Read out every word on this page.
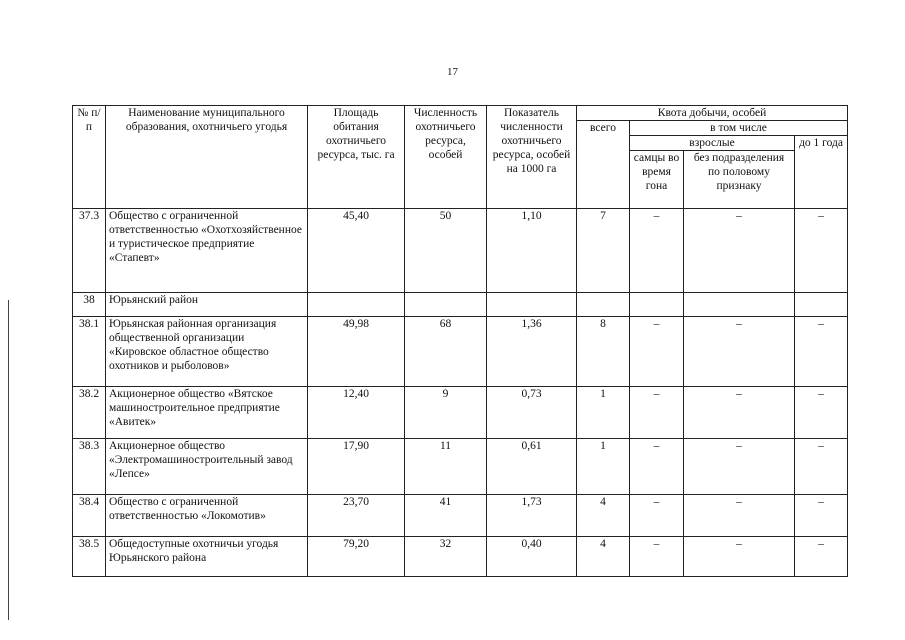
17
№ п/п	Наименование муниципального образования, охотничьего угодья	Площадь обитания охотничьего ресурса, тыс. га	Численность охотничьего ресурса, особей	Показатель численности охотничьего ресурса, особей на 1000 га	Квота добычи, особей			
					всего	в том числе		
						взрослые		до 1 года
						самцы во время гона	без подразделения по половому признаку	
37.3	Общество с ограниченной ответственностью «Охотхозяйственное и туристическое предприятие «Стапевт»	45,40	50	1,10	7	–	–	–
38	Юрьянский район							
38.1	Юрьянская районная организация общественной организации «Кировское областное общество охотников и рыболовов»	49,98	68	1,36	8	–	–	–
38.2	Акционерное общество «Вятское машиностроительное предприятие «Авитек»	12,40	9	0,73	1	–	–	–
38.3	Акционерное общество «Электромашиностроительный завод «Лепсе»	17,90	11	0,61	1	–	–	–
38.4	Общество с ограниченной ответственностью «Локомотив»	23,70	41	1,73	4	–	–	–
38.5	Общедоступные охотничьи угодья Юрьянского района	79,20	32	0,40	4	–	–	–
